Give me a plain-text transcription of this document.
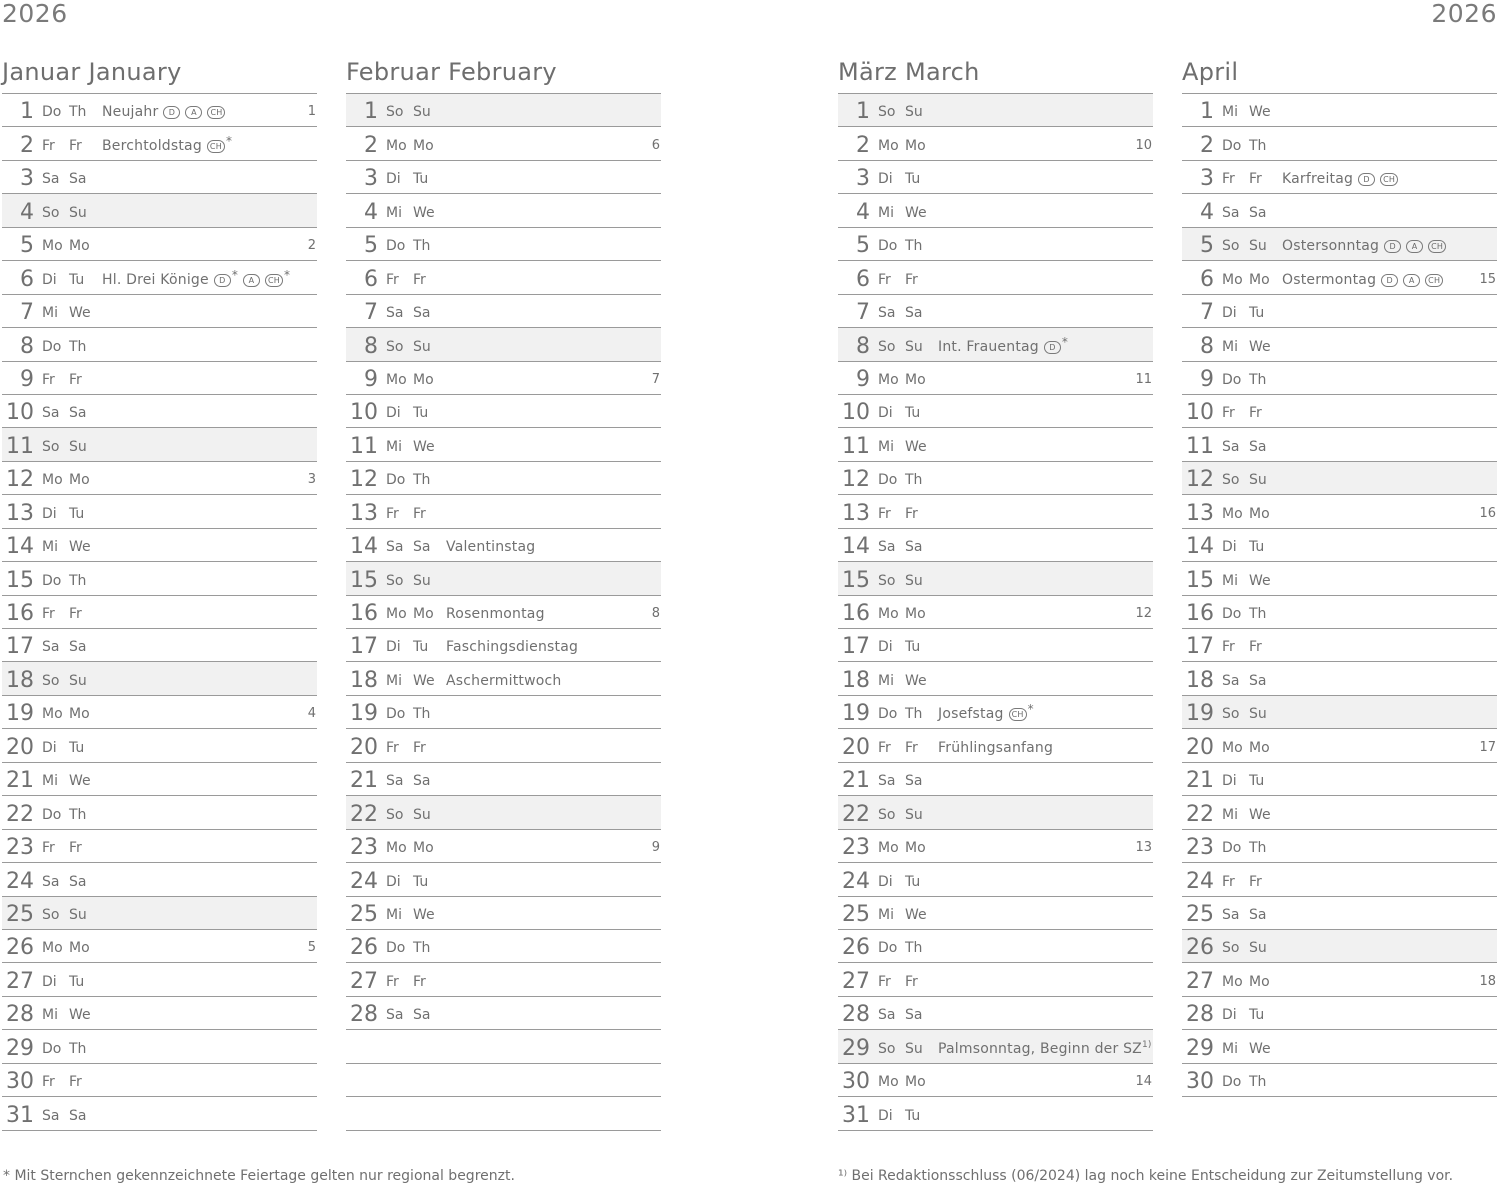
2026	2026
Januar January
1 Do Th Neujahr D A CH	1
2 Fr Fr Berchtoldstag CH *
3 Sa Sa
4 So Su
5 Mo Mo	2
6 Di Tu Hl. Drei Könige D * A CH *
7 Mi We
8 Do Th
9 Fr Fr
10 Sa Sa
11 So Su
12 Mo Mo	3
13 Di Tu
14 Mi We
15 Do Th
16 Fr Fr
17 Sa Sa
18 So Su
19 Mo Mo	4
20 Di Tu
21 Mi We
22 Do Th
23 Fr Fr
24 Sa Sa
25 So Su
26 Mo Mo	5
27 Di Tu
28 Mi We
29 Do Th
30 Fr Fr
31 Sa Sa
Februar February
1 So Su
2 Mo Mo	6
3 Di Tu
4 Mi We
5 Do Th
6 Fr Fr
7 Sa Sa
8 So Su
9 Mo Mo	7
10 Di Tu
11 Mi We
12 Do Th
13 Fr Fr
14 Sa Sa Valentinstag
15 So Su
16 Mo Mo Rosenmontag	8
17 Di Tu Faschingsdienstag
18 Mi We Aschermittwoch
19 Do Th
20 Fr Fr
21 Sa Sa
22 So Su
23 Mo Mo	9
24 Di Tu
25 Mi We
26 Do Th
27 Fr Fr
28 Sa Sa
März March
1 So Su
2 Mo Mo	10
3 Di Tu
4 Mi We
5 Do Th
6 Fr Fr
7 Sa Sa
8 So Su Int. Frauentag D *
9 Mo Mo	11
10 Di Tu
11 Mi We
12 Do Th
13 Fr Fr
14 Sa Sa
15 So Su
16 Mo Mo	12
17 Di Tu
18 Mi We
19 Do Th Josefstag CH *
20 Fr Fr Frühlingsanfang
21 Sa Sa
22 So Su
23 Mo Mo	13
24 Di Tu
25 Mi We
26 Do Th
27 Fr Fr
28 Sa Sa
29 So Su Palmsonntag, Beginn der SZ$^{1)}$
30 Mo Mo	14
31 Di Tu
April
1 Mi We
2 Do Th
3 Fr Fr Karfreitag D CH
4 Sa Sa
5 So Su Ostersonntag D A CH
6 Mo Mo Ostermontag D A CH	15
7 Di Tu
8 Mi We
9 Do Th
10 Fr Fr
11 Sa Sa
12 So Su
13 Mo Mo	16
14 Di Tu
15 Mi We
16 Do Th
17 Fr Fr
18 Sa Sa
19 So Su
20 Mo Mo	17
21 Di Tu
22 Mi We
23 Do Th
24 Fr Fr
25 Sa Sa
26 So Su
27 Mo Mo	18
28 Di Tu
29 Mi We
30 Do Th
* Mit Sternchen gekennzeichnete Feiertage gelten nur regional begrenzt.	¹⁾ Bei Redaktionsschluss (06/2024) lag noch keine Entscheidung zur Zeitumstellung vor.
